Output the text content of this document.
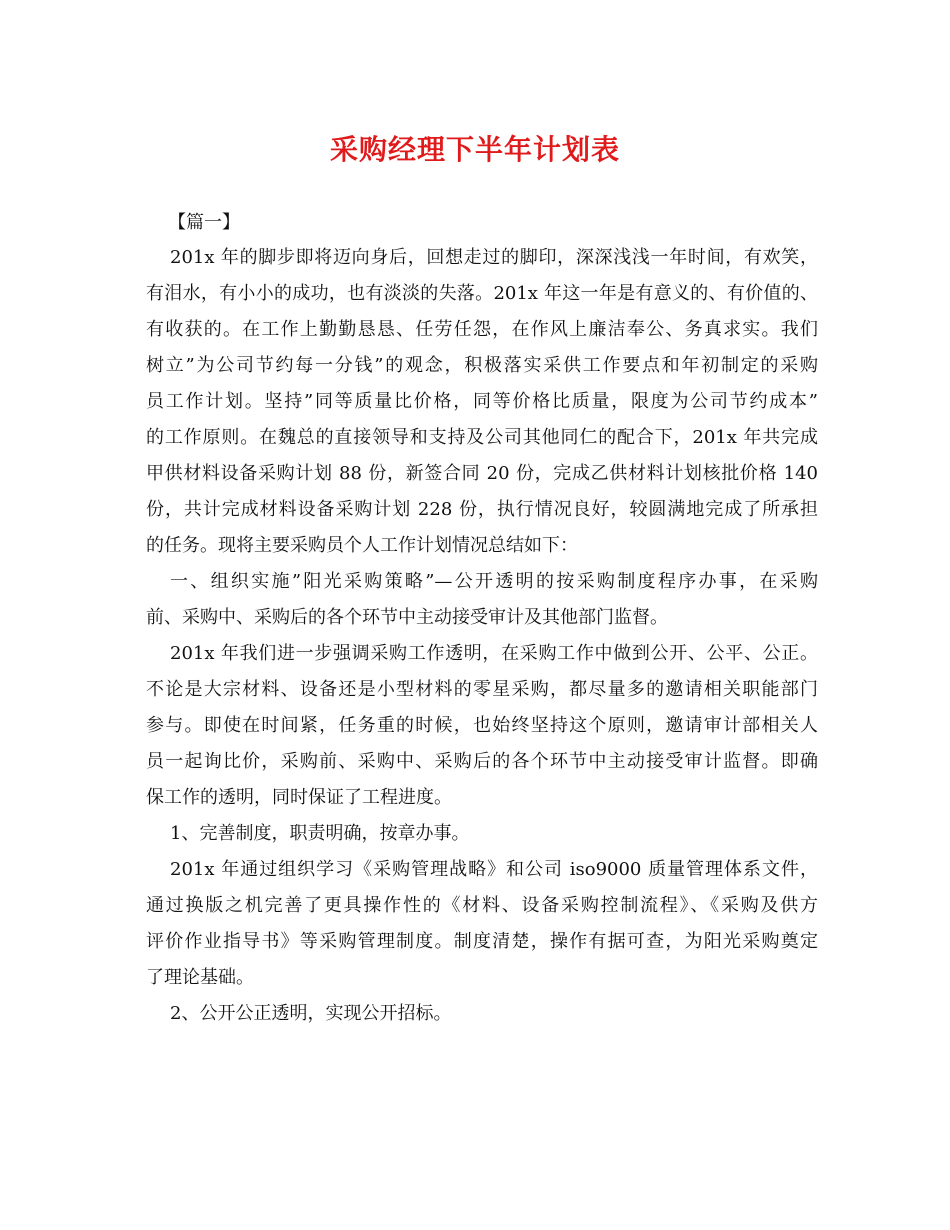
采购经理下半年计划表

【篇一】

201x 年的脚步即将迈向身后，回想走过的脚印，深深浅浅一年时间，有欢笑，
有泪水，有小小的成功，也有淡淡的失落。201x 年这一年是有意义的、有价值的、
有收获的。在工作上勤勤恳恳、任劳任怨，在作风上廉洁奉公、务真求实。我们
树立”为公司节约每一分钱”的观念，积极落实采供工作要点和年初制定的采购
员工作计划。坚持”同等质量比价格，同等价格比质量，限度为公司节约成本”
的工作原则。在魏总的直接领导和支持及公司其他同仁的配合下，201x 年共完成
甲供材料设备采购计划 88 份，新签合同 20 份，完成乙供材料计划核批价格 140
份，共计完成材料设备采购计划 228 份，执行情况良好，较圆满地完成了所承担
的任务。现将主要采购员个人工作计划情况总结如下：
一、组织实施”阳光采购策略”—公开透明的按采购制度程序办事，在采购
前、采购中、采购后的各个环节中主动接受审计及其他部门监督。
201x 年我们进一步强调采购工作透明，在采购工作中做到公开、公平、公正。
不论是大宗材料、设备还是小型材料的零星采购，都尽量多的邀请相关职能部门
参与。即使在时间紧，任务重的时候，也始终坚持这个原则，邀请审计部相关人
员一起询比价，采购前、采购中、采购后的各个环节中主动接受审计监督。即确
保工作的透明，同时保证了工程进度。
1、完善制度，职责明确，按章办事。
201x 年通过组织学习《采购管理战略》和公司 iso9000 质量管理体系文件，
通过换版之机完善了更具操作性的《材料、设备采购控制流程》、《采购及供方
评价作业指导书》等采购管理制度。制度清楚，操作有据可查，为阳光采购奠定
了理论基础。
2、公开公正透明，实现公开招标。
